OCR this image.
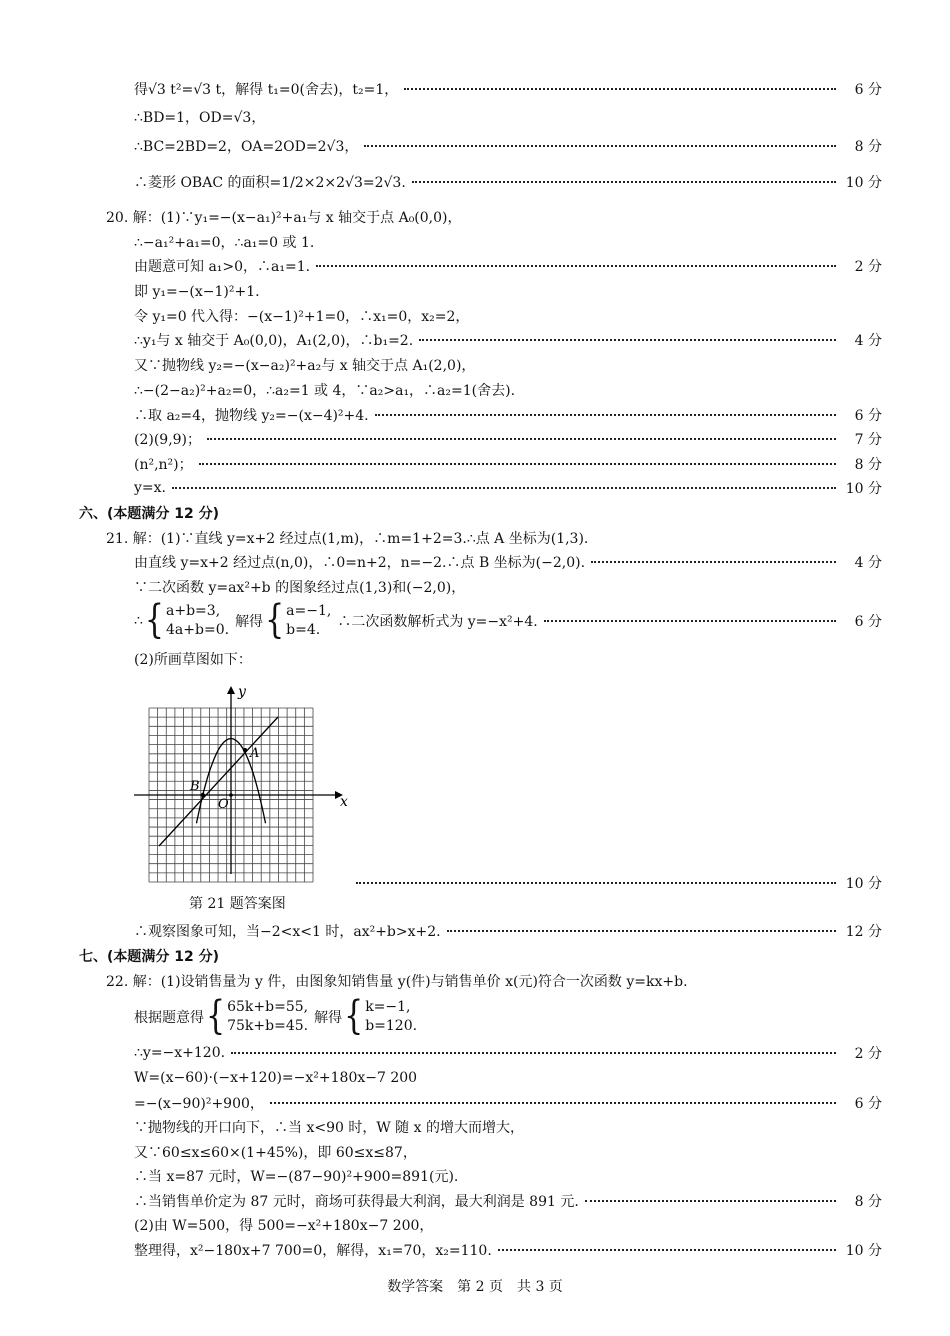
得√3 t²=√3 t，解得 t₁=0(舍去)，t₂=1，	6 分
∴BD=1，OD=√3，
∴BC=2BD=2，OA=2OD=2√3，	8 分
∴菱形 OBAC 的面积=1/2×2×2√3=2√3.	10 分
20. 解：(1)∵y₁=−(x−a₁)²+a₁与 x 轴交于点 A₀(0,0)，
∴−a₁²+a₁=0，∴a₁=0 或 1.
由题意可知 a₁>0，∴a₁=1.	2 分
即 y₁=−(x−1)²+1.
令 y₁=0 代入得：−(x−1)²+1=0，∴x₁=0，x₂=2，
∴y₁与 x 轴交于 A₀(0,0)，A₁(2,0)，∴b₁=2.	4 分
又∵抛物线 y₂=−(x−a₂)²+a₂与 x 轴交于点 A₁(2,0)，
∴−(2−a₂)²+a₂=0，∴a₂=1 或 4，∵a₂>a₁，∴a₂=1(舍去).
∴取 a₂=4，抛物线 y₂=−(x−4)²+4.	6 分
(2)(9,9)；	7 分
(n²,n²)；	8 分
y=x.	10 分
六、(本题满分 12 分)
21. 解：(1)∵直线 y=x+2 经过点(1,m)，∴m=1+2=3.∴点 A 坐标为(1,3).
由直线 y=x+2 经过点(n,0)，∴0=n+2，n=−2.∴点 B 坐标为(−2,0).	4 分
∵二次函数 y=ax²+b 的图象经过点(1,3)和(−2,0)，
∴ { a+b=3,
4a+b=0. 解得 { a=−1,
b=4.	∴二次函数解析式为 y=−x²+4.	6 分
(2)所画草图如下：
x
y
O
A
B
第 21 题答案图
10 分
∴观察图象可知，当−2<x<1 时，ax²+b>x+2.	12 分
七、(本题满分 12 分)
22. 解：(1)设销售量为 y 件，由图象知销售量 y(件)与销售单价 x(元)符合一次函数 y=kx+b.
根据题意得 { 65k+b=55,
75k+b=45. 解得 { k=−1,
b=120.
∴y=−x+120.	2 分
W=(x−60)·(−x+120)=−x²+180x−7 200
=−(x−90)²+900，	6 分
∵抛物线的开口向下，∴当 x<90 时，W 随 x 的增大而增大，
又∵60≤x≤60×(1+45%)，即 60≤x≤87，
∴当 x=87 元时，W=−(87−90)²+900=891(元).
∴当销售单价定为 87 元时，商场可获得最大利润，最大利润是 891 元.	8 分
(2)由 W=500，得 500=−x²+180x−7 200，
整理得，x²−180x+7 700=0，解得，x₁=70，x₂=110.	10 分
数学答案　第 2 页　共 3 页
